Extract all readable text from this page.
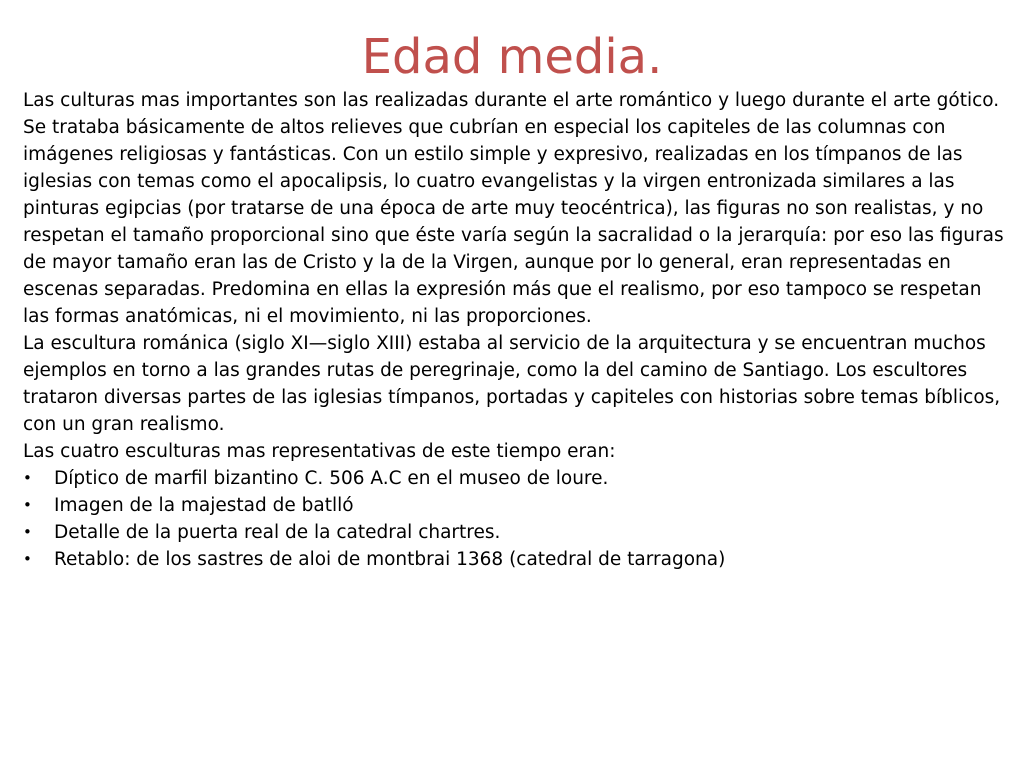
Edad media.

Las culturas mas importantes son las realizadas durante el arte romántico y luego durante el arte gótico.

Se trataba básicamente de altos relieves que cubrían en especial los capiteles de las columnas con imágenes religiosas y fantásticas. Con un estilo simple y expresivo, realizadas en los tímpanos de las iglesias con temas como el apocalipsis, lo cuatro evangelistas y la virgen entronizada similares a las pinturas egipcias (por tratarse de una época de arte muy teocéntrica), las figuras no son realistas, y no respetan el tamaño proporcional sino que éste varía según la sacralidad o la jerarquía: por eso las figuras de mayor tamaño eran las de Cristo y la de la Virgen, aunque por lo general, eran representadas en escenas separadas. Predomina en ellas la expresión más que el realismo, por eso tampoco se respetan las formas anatómicas, ni el movimiento, ni las proporciones.

La escultura románica (siglo XI—siglo XIII) estaba al servicio de la arquitectura y se encuentran muchos ejemplos en torno a las grandes rutas de peregrinaje, como la del camino de Santiago. Los escultores trataron diversas partes de las iglesias tímpanos, portadas y capiteles con historias sobre temas bíblicos, con un gran realismo.

Las cuatro esculturas mas representativas de este tiempo eran:

• Díptico de marfil bizantino C. 506 A.C en el museo de loure.
• Imagen de la majestad de batlló
• Detalle de la puerta real de la catedral chartres.
• Retablo: de los sastres de aloi de montbrai 1368 (catedral de tarragona)
